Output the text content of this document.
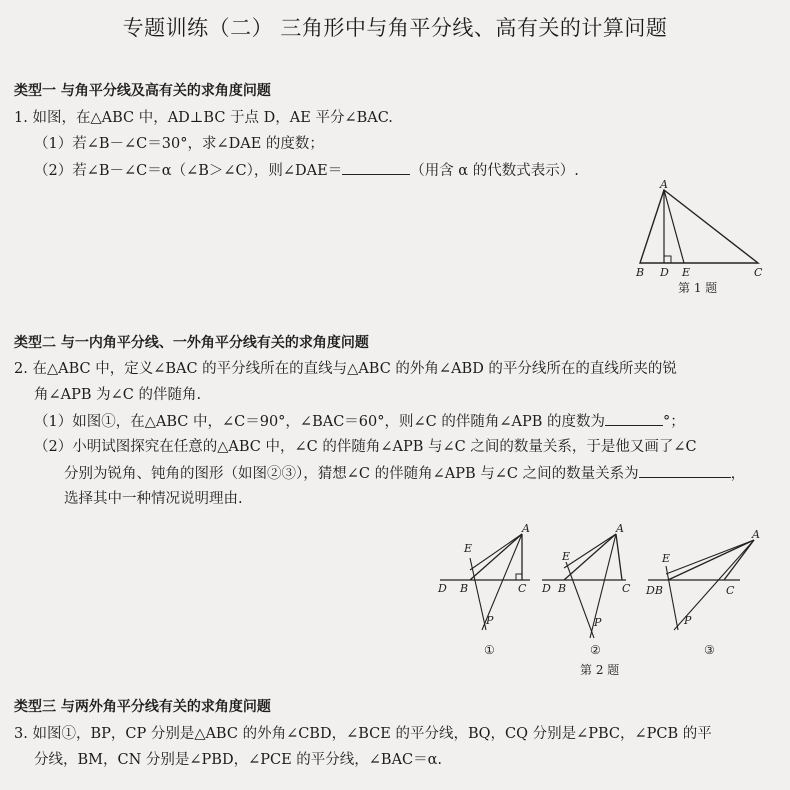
专题训练（二） 三角形中与角平分线、高有关的计算问题
类型一 与角平分线及高有关的求角度问题
1. 如图，在△ABC 中，AD⊥BC 于点 D，AE 平分∠BAC.
（1）若∠B－∠C＝30°，求∠DAE 的度数；
（2）若∠B－∠C＝α（∠B＞∠C），则∠DAE＝	（用含 α 的代数式表示）.
A
B D E	C
第 1 题
类型二 与一内角平分线、一外角平分线有关的求角度问题
2. 在△ABC 中，定义∠BAC 的平分线所在的直线与△ABC 的外角∠ABD 的平分线所在的直线所夹的锐
角∠APB 为∠C 的伴随角.
（1）如图①，在△ABC 中，∠C＝90°，∠BAC＝60°，则∠C 的伴随角∠APB 的度数为	°；
（2）小明试图探究在任意的△ABC 中，∠C 的伴随角∠APB 与∠C 之间的数量关系，于是他又画了∠C
分别为锐角、钝角的图形（如图②③），猜想∠C 的伴随角∠APB 与∠C 之间的数量关系为	，
选择其中一种情况说明理由.
E
A
D B	C
P
①
E
A
D B	C
P
②
E
A
DB	C
P
③
第 2 题
类型三 与两外角平分线有关的求角度问题
3. 如图①，BP，CP 分别是△ABC 的外角∠CBD，∠BCE 的平分线，BQ，CQ 分别是∠PBC，∠PCB 的平
分线，BM，CN 分别是∠PBD，∠PCE 的平分线，∠BAC＝α.
